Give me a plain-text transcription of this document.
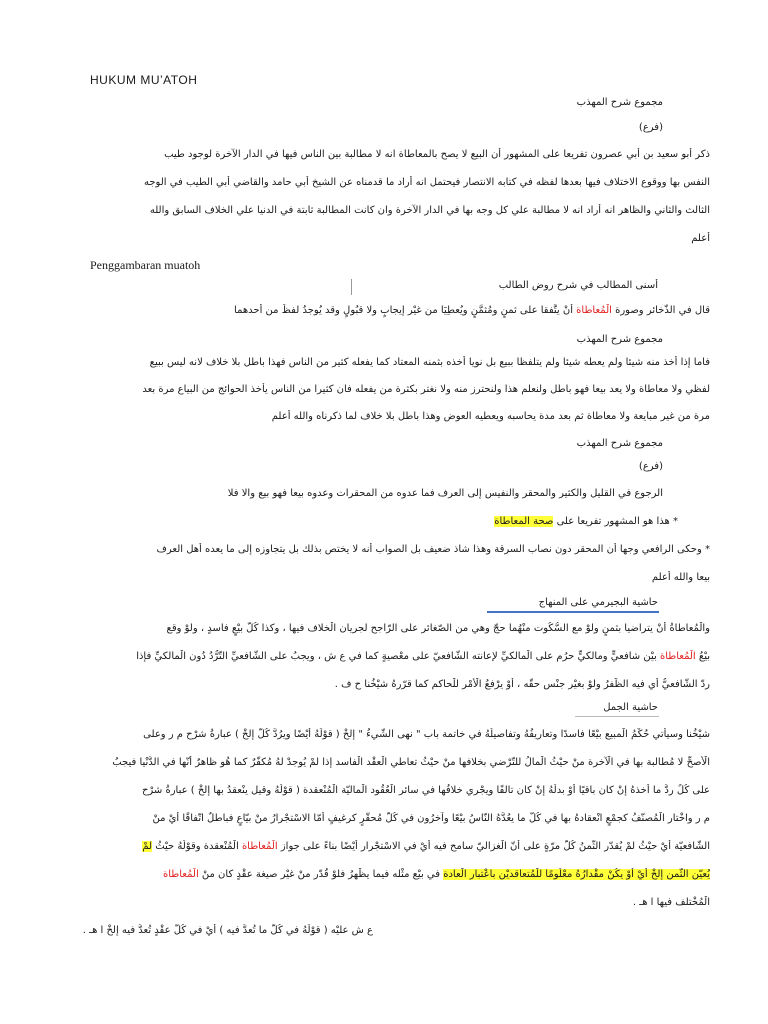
HUKUM MU’ATOH
مجموع شرح المهذب
(فرع)
ذكر أبو سعيد بن أبي عصرون تفريعا على المشهور أن البيع لا يصح بالمعاطاة انه لا مطالبة بين الناس فيها في الدار الآخرة لوجود طيب
النفس بها ووقوع الاختلاف فيها بعدها لفظه في كتابه الانتصار فيحتمل انه أراد ما قدمناه عن الشيخ أبي حامد والقاضي أبي الطيب في الوجه
الثالث والثاني والظاهر انه أراد انه لا مطالبة علي كل وجه بها في الدار الآخرة وان كانت المطالبة ثابتة في الدنيا علي الخلاف السابق والله
أعلم
Penggambaran muatoh
أسنى المطالب في شرح روض الطالب
قال في الذَّخائر وصورة الْمُعاطاة أنْ يتَّفقا على ثمنٍ ومُثمَّنٍ ويُعطِيَا من غيْر إيجابٍ ولا قبُولٍ وقد يُوجدُ لفظٌ من أحدهما
مجموع شرح المهذب
فاما إذا أخذ منه شيئا ولم يعطه شيئا ولم يتلفظا ببيع بل نويا أخذه بثمنه المعتاد كما يفعله كثير من الناس فهذا باطل بلا خلاف لانه ليس ببيع
لفظي ولا معاطاة ولا يعد بيعا فهو باطل ولنعلم هذا ولنحترز منه ولا نغتر بكثرة من يفعله فان كثيرا من الناس يأخذ الحوائج من البياع مرة بعد
مرة من غير مبايعة ولا معاطاة ثم بعد مدة يحاسبه ويعطيه العوض وهذا باطل بلا خلاف لما ذكرناه والله أعلم
مجموع شرح المهذب
(فرع)
الرجوع في القليل والكثير والمحقر والنفيس إلى العرف فما عدوه من المحقرات وعدوه بيعا فهو بيع والا فلا
* هذا هو المشهور تفريعا على صحة المعاطاة
* وحكى الرافعي وجها أن المحقر دون نصاب السرقة وهذا شاذ ضعيف بل الصواب أنه لا يختص بذلك بل يتجاوزه إلى ما يعده أهل العرف
بيعا والله أعلم
حاشية البجيرمي على المنهاج
والْمُعاطاةُ أنْ يتراضيا بثمنٍ ولوْ مع السُّكُوت منْهُما حجّ وهي من الصّغائر على الرّاجح لجريان الْخلاف فيها ، وكذا كُلُّ بيْعٍ فاسدٍ ، ولوْ وقع
بيْعُ الْمُعاطاة بيْن شافعيٍّ ومالكيٍّ حرُم على الْمالكيِّ لإعانته الشّافعيّ على معْصيةٍ كما في ع ش ، ويجبُ على الشّافعيِّ التّرُّدُ دُون الْمالكيِّ فإذا
ردّ الشّافعيُّ أي فيه الظّفرُ ولوْ بغيْر جنْس حقّه ، أوْ يرْفعُ الْأمْر للْحاكم كما قرّرهُ شيْخُنا ح ف .
حاشية الجمل
شيْخُنا وسيأْتي حُكْمُ الْمبيع بيْعًا فاسدًا وتعاريفُهُ وتفاصيلُهُ في خاتمة باب " نهى الشّيءُ " إلخْ ( قوْلُهُ أيْضًا ويرُدُّ كُلّ إلخْ ) عبارةُ شرْح م ر وعلى
الْأصحِّ لا مُطالبة بها في الْآخرة منْ حيْثُ الْمالُ للتّرْضي بخلافها منْ حيْثُ تعاطي الْعقْد الْفاسد إذا لمْ يُوجدْ لهُ مُكفّرٌ كما هُو ظاهرٌ أنّها في الدُّنْيا فيجبُ
على كُلٍّ ردُّ ما أخذهُ إنْ كان باقيًا أوْ بدلُهُ إنْ كان تالفًا ويجْري خلافُها في سائر الْعُقُود الْماليّة الْمُنْعقدة ( قوْلُهُ وقيل ينْعقدُ بها إلخْ ) عبارةُ شرْح
م ر واخْتار الْمُصنّفُ كجمْعٍ انْعقادهُ بها في كُلّ ما يعُدُّهُ النّاسُ بيْعًا وآخرُون في كُلّ مُحقّرٍ كرغيفٍ أمّا الاسْتجْرارُ منْ بيّاعٍ فباطلٌ اتّفاقًا أيْ منْ
الشّافعيّة أيْ حيْثُ لمْ يُقدّر الثّمنُ كُلّ مرّةٍ على أنّ الْغزاليّ سامح فيه أيْ في الاسْتجْرار أيْضًا بناءً على جواز الْمُعاطاة الْمُنْعقدة وقوْلُهُ حيْثُ لمْ
يُعيّن الثّمن إلخْ أيْ أوْ يكُنْ مقْدارُهُ معْلُومًا للْمُتعاقديْن باعْتبار الْعادة في بيْع مثْله فيما يظْهرُ فلوْ قُدّر منْ غيْر صيغة عقْدٍ كان منْ الْمُعاطاة
الْمُخْتلف فيها ا هـ .
ع ش عليْه ( قوْلُهُ في كُلّ ما تُعدُّ فيه ) أيْ في كُلّ عقْدٍ تُعدُّ فيه إلخْ ا هـ .
